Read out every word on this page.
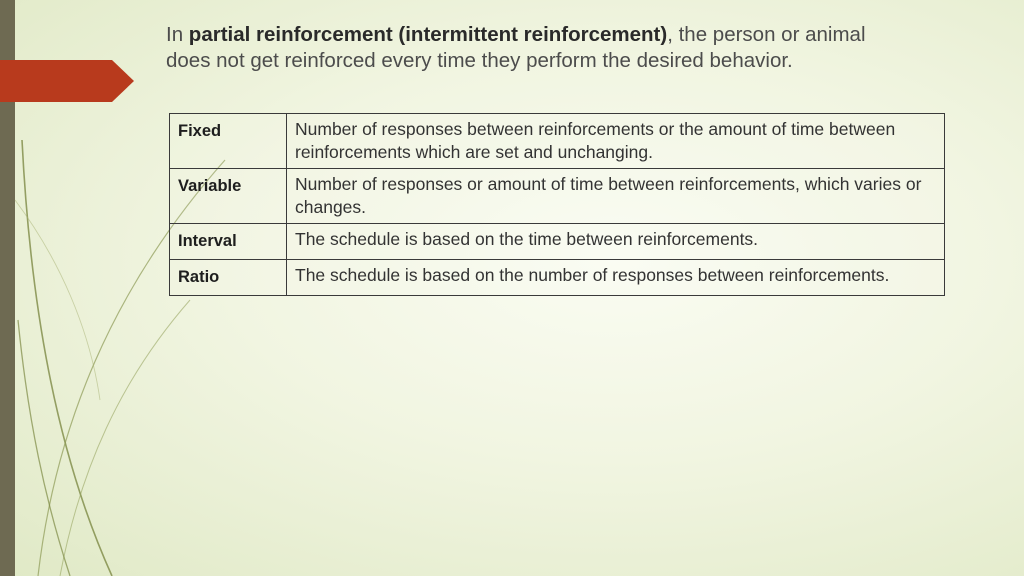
In partial reinforcement (intermittent reinforcement), the person or animal does not get reinforced every time they perform the desired behavior.

Fixed	Number of responses between reinforcements or the amount of time between reinforcements which are set and unchanging.
Variable	Number of responses or amount of time between reinforcements, which varies or changes.
Interval	The schedule is based on the time between reinforcements.
Ratio	The schedule is based on the number of responses between reinforcements.
